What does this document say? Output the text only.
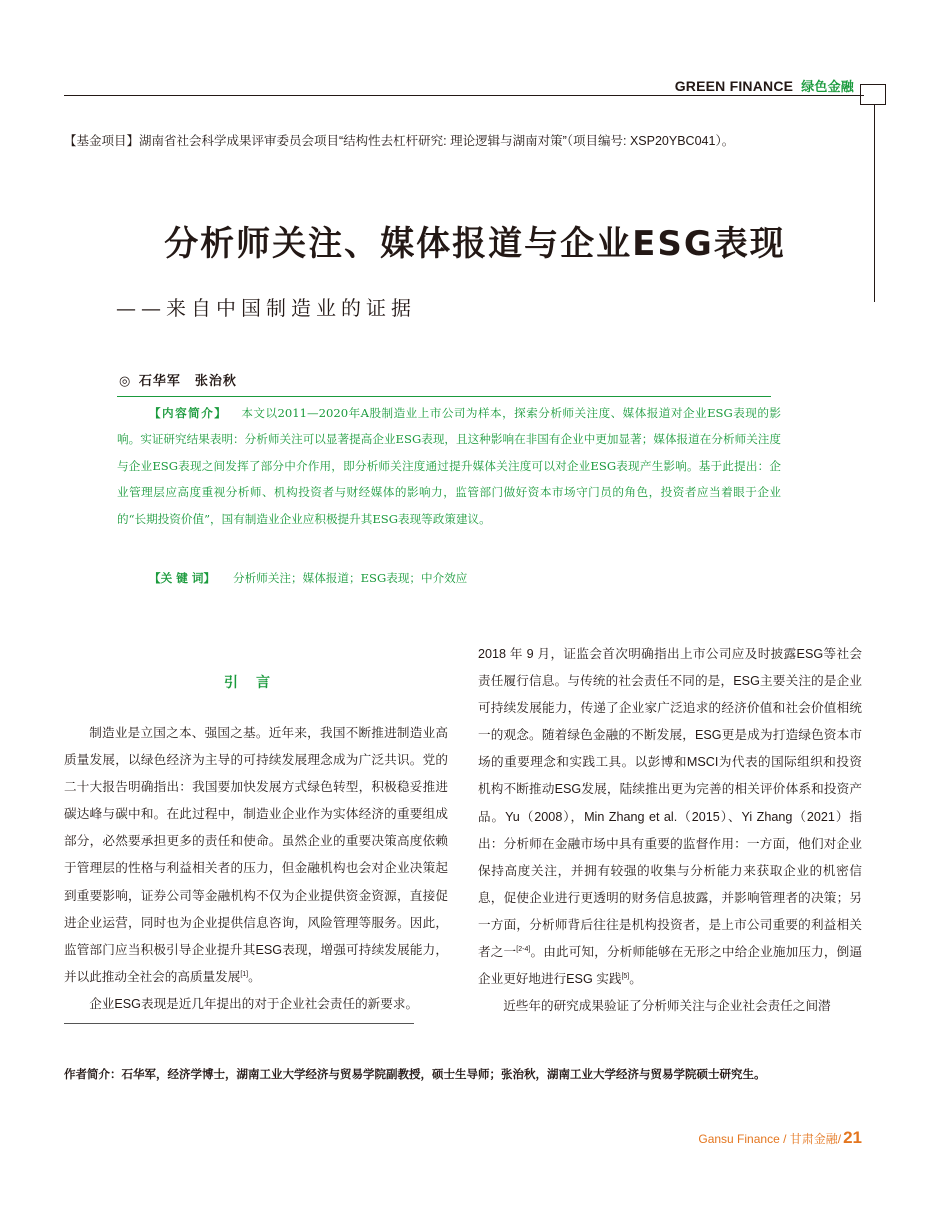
GREEN FINANCE 绿色金融
【基金项目】湖南省社会科学成果评审委员会项目“结构性去杠杆研究: 理论逻辑与湖南对策”（项目编号: XSP20YBC041）。
分析师关注、媒体报道与企业ESG表现
——来自中国制造业的证据
◎ 石华军　张治秋
【内容简介】 本文以2011—2020年A股制造业上市公司为样本，探索分析师关注度、媒体报道对企业ESG表现的影响。实证研究结果表明：分析师关注可以显著提高企业ESG表现，且这种影响在非国有企业中更加显著；媒体报道在分析师关注度与企业ESG表现之间发挥了部分中介作用，即分析师关注度通过提升媒体关注度可以对企业ESG表现产生影响。基于此提出：企业管理层应高度重视分析师、机构投资者与财经媒体的影响力，监管部门做好资本市场守门员的角色，投资者应当着眼于企业的“长期投资价值”，国有制造业企业应积极提升其ESG表现等政策建议。
【关 键 词】 分析师关注；媒体报道；ESG表现；中介效应
引言

制造业是立国之本、强国之基。近年来，我国不断推进制造业高质量发展，以绿色经济为主导的可持续发展理念成为广泛共识。党的二十大报告明确指出：我国要加快发展方式绿色转型，积极稳妥推进碳达峰与碳中和。在此过程中，制造业企业作为实体经济的重要组成部分，必然要承担更多的责任和使命。虽然企业的重要决策高度依赖于管理层的性格与利益相关者的压力，但金融机构也会对企业决策起到重要影响，证券公司等金融机构不仅为企业提供资金资源，直接促进企业运营，同时也为企业提供信息咨询，风险管理等服务。因此，监管部门应当积极引导企业提升其ESG表现，增强可持续发展能力，并以此推动全社会的高质量发展[1]。

企业ESG表现是近几年提出的对于企业社会责任的新要求。

2018 年 9 月，证监会首次明确指出上市公司应及时披露ESG等社会责任履行信息。与传统的社会责任不同的是，ESG主要关注的是企业可持续发展能力，传递了企业家广泛追求的经济价值和社会价值相统一的观念。随着绿色金融的不断发展，ESG更是成为打造绿色资本市场的重要理念和实践工具。以彭博和MSCI为代表的国际组织和投资机构不断推动ESG发展，陆续推出更为完善的相关评价体系和投资产品。Yu（2008），Min Zhang et al.（2015）、Yi Zhang（2021）指出：分析师在金融市场中具有重要的监督作用：一方面，他们对企业保持高度关注，并拥有较强的收集与分析能力来获取企业的机密信息，促使企业进行更透明的财务信息披露，并影响管理者的决策；另一方面，分析师背后往往是机构投资者，是上市公司重要的利益相关者之一[2-4]。由此可知，分析师能够在无形之中给企业施加压力，倒逼企业更好地进行ESG 实践[5]。

近些年的研究成果验证了分析师关注与企业社会责任之间潜

作者简介：石华军，经济学博士，湖南工业大学经济与贸易学院副教授，硕士生导师；张治秋，湖南工业大学经济与贸易学院硕士研究生。
Gansu Finance / 甘肃金融/ 21
